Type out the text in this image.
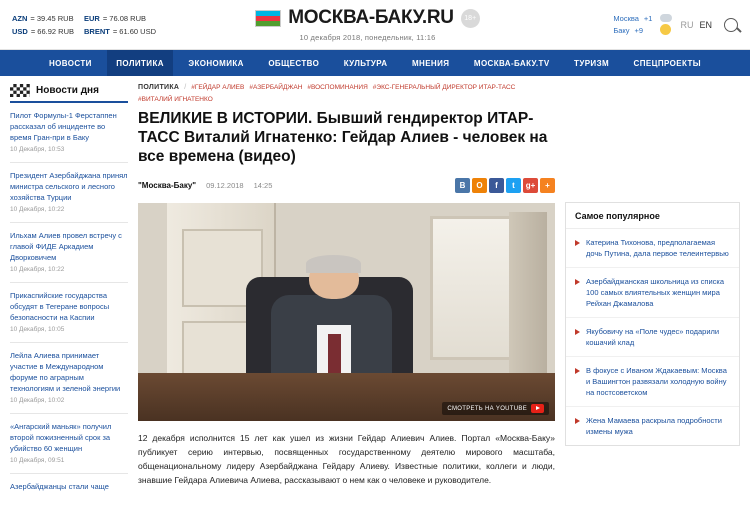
AZN = 39.45 RUB	EUR = 76.08 RUB
USD = 66.92 RUB	BRENT = 61.60 USD
МОСКВА-БАКУ.RU	18+
10 декабря 2018, понедельник, 11:16
Москва +1
Баку +9
RU EN
НОВОСТИ	ПОЛИТИКА	ЭКОНОМИКА	ОБЩЕСТВО	КУЛЬТУРА	МНЕНИЯ	МОСКВА-БАКУ.TV	ТУРИЗМ	СПЕЦПРОЕКТЫ
Новости дня

Пилот Формулы-1 Ферстаппен рассказал об инциденте во время Гран-при в Баку

10 Декабря, 10:53

Президент Азербайджана принял министра сельского и лесного хозяйства Турции

10 Декабря, 10:22

Ильхам Алиев провел встречу с главой ФИДЕ Аркадием Дворковичем

10 Декабря, 10:22

Прикаспийские государства обсудят в Тегеране вопросы безопасности на Каспии

10 Декабря, 10:05

Лейла Алиева принимает участие в Международном форуме по аграрным технологиям и зеленой энергии

10 Декабря, 10:02

«Ангарский маньяк» получил второй пожизненный срок за убийство 60 женщин

10 Декабря, 09:51

Азербайджанцы стали чаще

ПОЛИТИКА / #ГЕЙДАР АЛИЕВ #АЗЕРБАЙДЖАН #ВОСПОМИНАНИЯ #ЭКС-ГЕНЕРАЛЬНЫЙ ДИРЕКТОР ИТАР-ТАСС
#ВИТАЛИЙ ИГНАТЕНКО
ВЕЛИКИЕ В ИСТОРИИ. Бывший гендиректор ИТАР-ТАСС Виталий Игнатенко: Гейдар Алиев - человек на все времена (видео)
"Москва-Баку" 09.12.2018 14:25	В	О	f	t	g+	+
СМОТРЕТЬ НА YOUTUBE

12 декабря исполнится 15 лет как ушел из жизни Гейдар Алиевич Алиев. Портал «Москва-Баку» публикует серию интервью, посвященных государственному деятелю мирового масштаба, общенациональному лидеру Азербайджана Гейдару Алиеву. Известные политики, коллеги и люди, знавшие Гейдара Алиевича Алиева, рассказывают о нем как о человеке и руководителе.

Самое популярное
Катерина Тихонова, предполагаемая дочь Путина, дала первое телеинтервью
Азербайджанская школьница из списка 100 самых влиятельных женщин мира Рейхан Джамалова
Якубовичу на «Поле чудес» подарили кошачий клад
В фокусе с Иваном Ждакаевым: Москва и Вашингтон развязали холодную войну на постсоветском
Жена Мамаева раскрыла подробности измены мужа
